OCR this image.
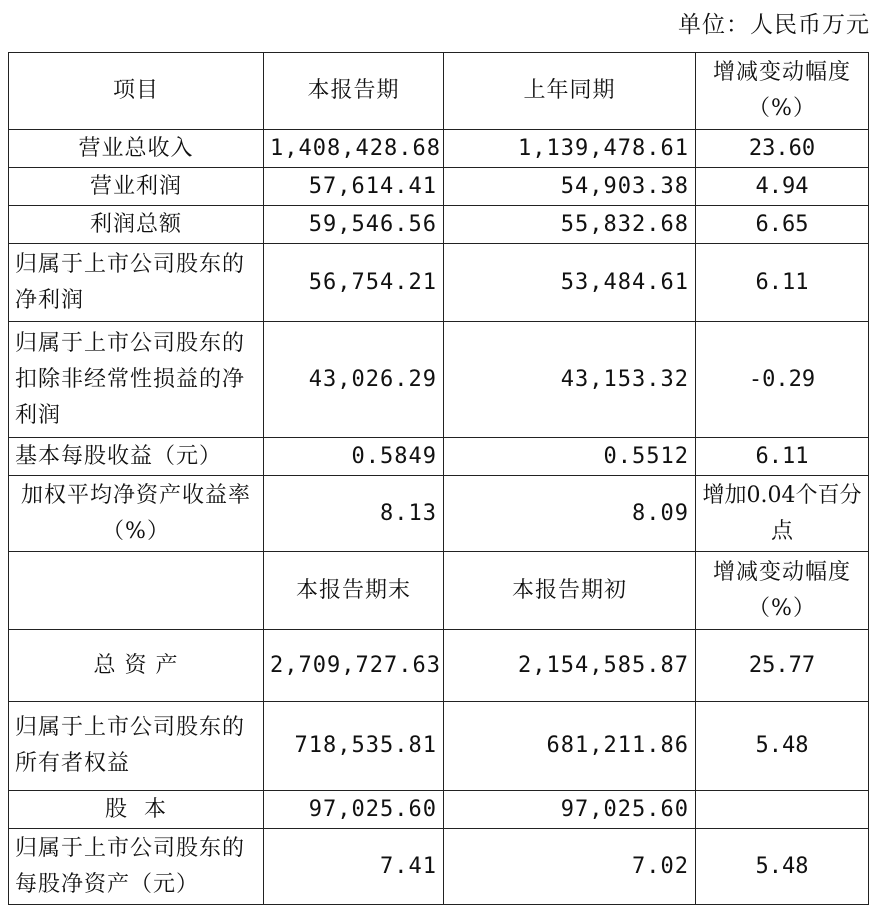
单位：人民币万元
项目	本报告期	上年同期	增减变动幅度（%）
营业总收入	1,408,428.68	1,139,478.61	23.60
营业利润	57,614.41	54,903.38	4.94
利润总额	59,546.56	55,832.68	6.65
归属于上市公司股东的净利润	56,754.21	53,484.61	6.11
归属于上市公司股东的扣除非经常性损益的净利润	43,026.29	43,153.32	-0.29
基本每股收益（元）	0.5849	0.5512	6.11
加权平均净资产收益率（%）	8.13	8.09	增加0.04个百分点
	本报告期末	本报告期初	增减变动幅度（%）
总 资 产	2,709,727.63	2,154,585.87	25.77
归属于上市公司股东的所有者权益	718,535.81	681,211.86	5.48
股  本	97,025.60	97,025.60	
归属于上市公司股东的每股净资产（元）	7.41	7.02	5.48
